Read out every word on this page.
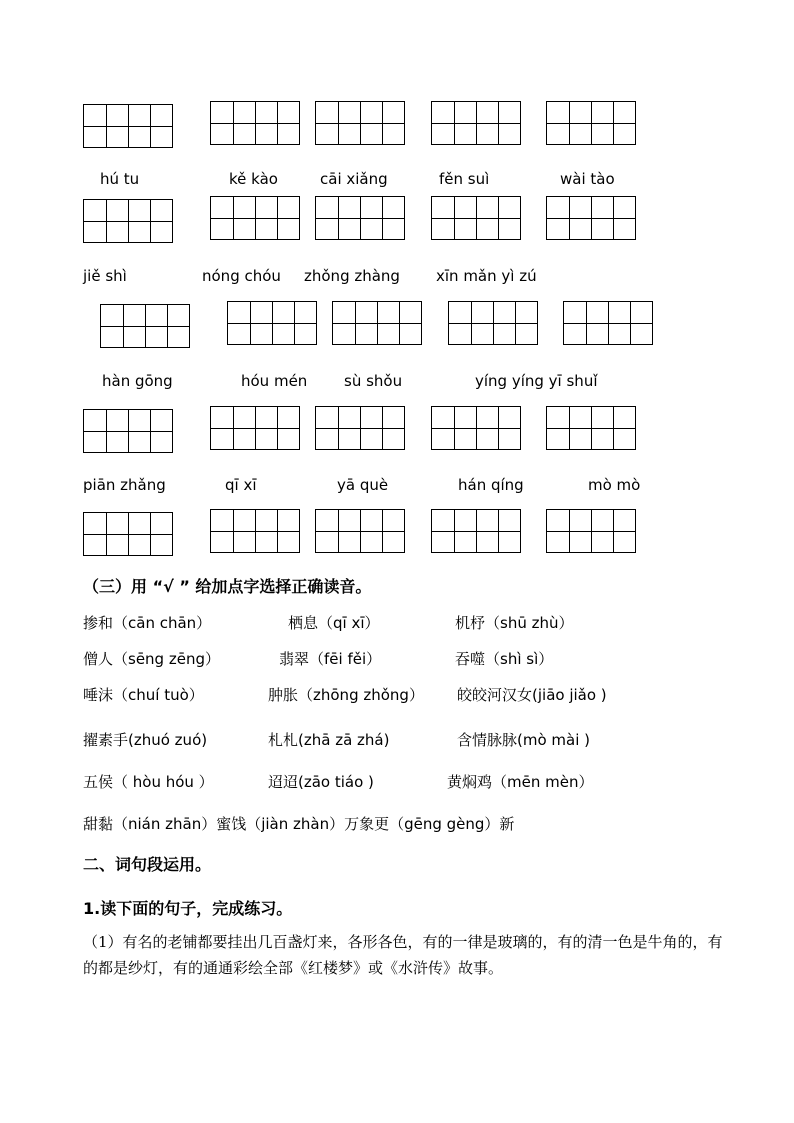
hú tu	kě kào	cāi xiǎng	fěn suì	wài tào
jiě shì	nóng chóu zhǒng zhàng xīn mǎn yì zú
hàn gōng	hóu mén sù shǒu	yíng yíng yī shuǐ
piān zhǎng	qī xī	yā què	hán qíng	mò mò
（三）用 “√ ” 给加点字选择正确读音。
掺和（cān chān）	栖息（qī xī）	机杼（shū zhù）
僧人（sēng zēng）	翡翠（fēi fěi）	吞噬（shì sì）
唾沫（chuí tuò）	肿胀（zhōng zhǒng） 皎皎河汉女(jiāo jiǎo )
擢素手(zhuó zuó)	札札(zhā zā zhá)	含情脉脉(mò mài )
五侯（ hòu hóu ）	迢迢(zāo tiáo )	黄焖鸡（mēn mèn）
甜黏（nián zhān）蜜饯（jiàn zhàn）万象更（gēng gèng）新
二、词句段运用。
1.读下面的句子，完成练习。
（1）有名的老铺都要挂出几百盏灯来，各形各色，有的一律是玻璃的，有的清一色是牛角的，有的都是纱灯，有的通通彩绘全部《红楼梦》或《水浒传》故事。
